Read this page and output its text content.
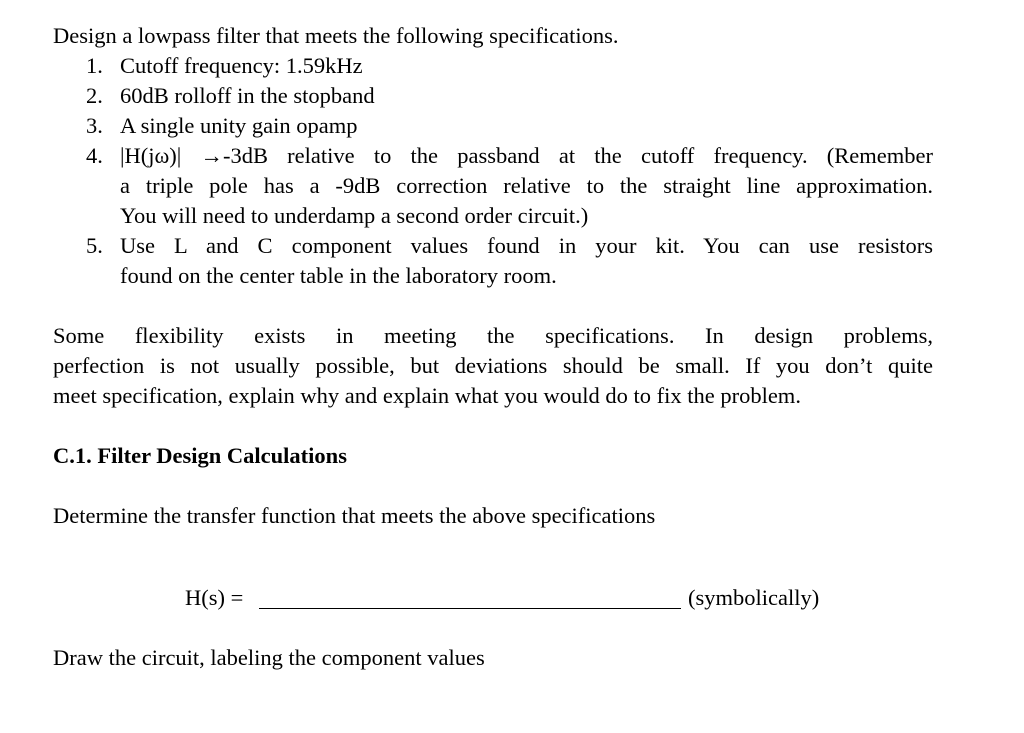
Design a lowpass filter that meets the following specifications.

1. Cutoff frequency: 1.59kHz
2. 60dB rolloff in the stopband
3. A single unity gain opamp
4. |H(jω)| →-3dB relative to the passband at the cutoff frequency. (Remember
a triple pole has a -9dB correction relative to the straight line approximation.
You will need to underdamp a second order circuit.)
5. Use L and C component values found in your kit. You can use resistors
found on the center table in the laboratory room.
Some flexibility exists in meeting the specifications. In design problems,
perfection is not usually possible, but deviations should be small. If you don’t quite
meet specification, explain why and explain what you would do to fix the problem.

C.1. Filter Design Calculations

Determine the transfer function that meets the above specifications

H(s) =	(symbolically)

Draw the circuit, labeling the component values
